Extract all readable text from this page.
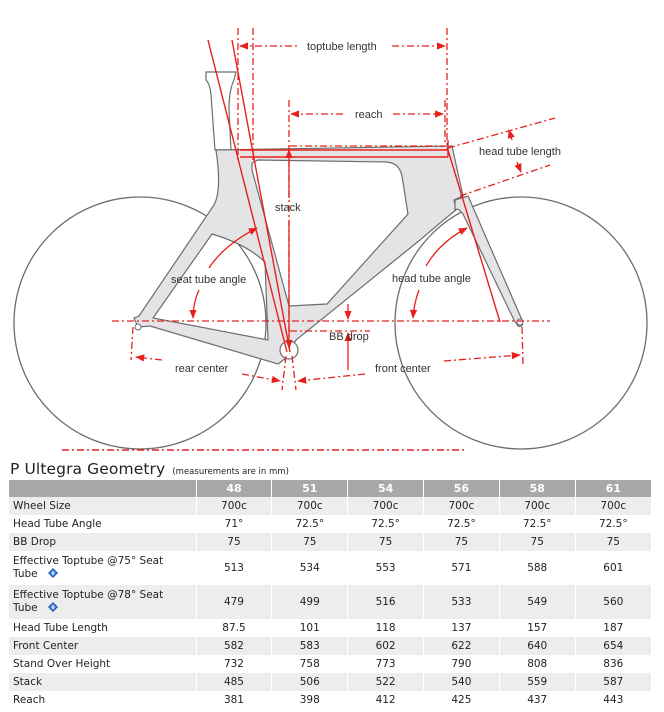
toptube length
reach
head tube length
stack
seat tube angle	head tube angle
BB drop
rear center	front center
P Ultegra Geometry (measurements are in mm)
	48	51	54	56	58	61
Wheel Size	700c	700c	700c	700c	700c	700c
Head Tube Angle	71°	72.5°	72.5°	72.5°	72.5°	72.5°
BB Drop	75	75	75	75	75	75
Effective Toptube @75° Seat
Tube	513	534	553	571	588	601
Effective Toptube @78° Seat
Tube	479	499	516	533	549	560
Head Tube Length	87.5	101	118	137	157	187
Front Center	582	583	602	622	640	654
Stand Over Height	732	758	773	790	808	836
Stack	485	506	522	540	559	587
Reach	381	398	412	425	437	443
